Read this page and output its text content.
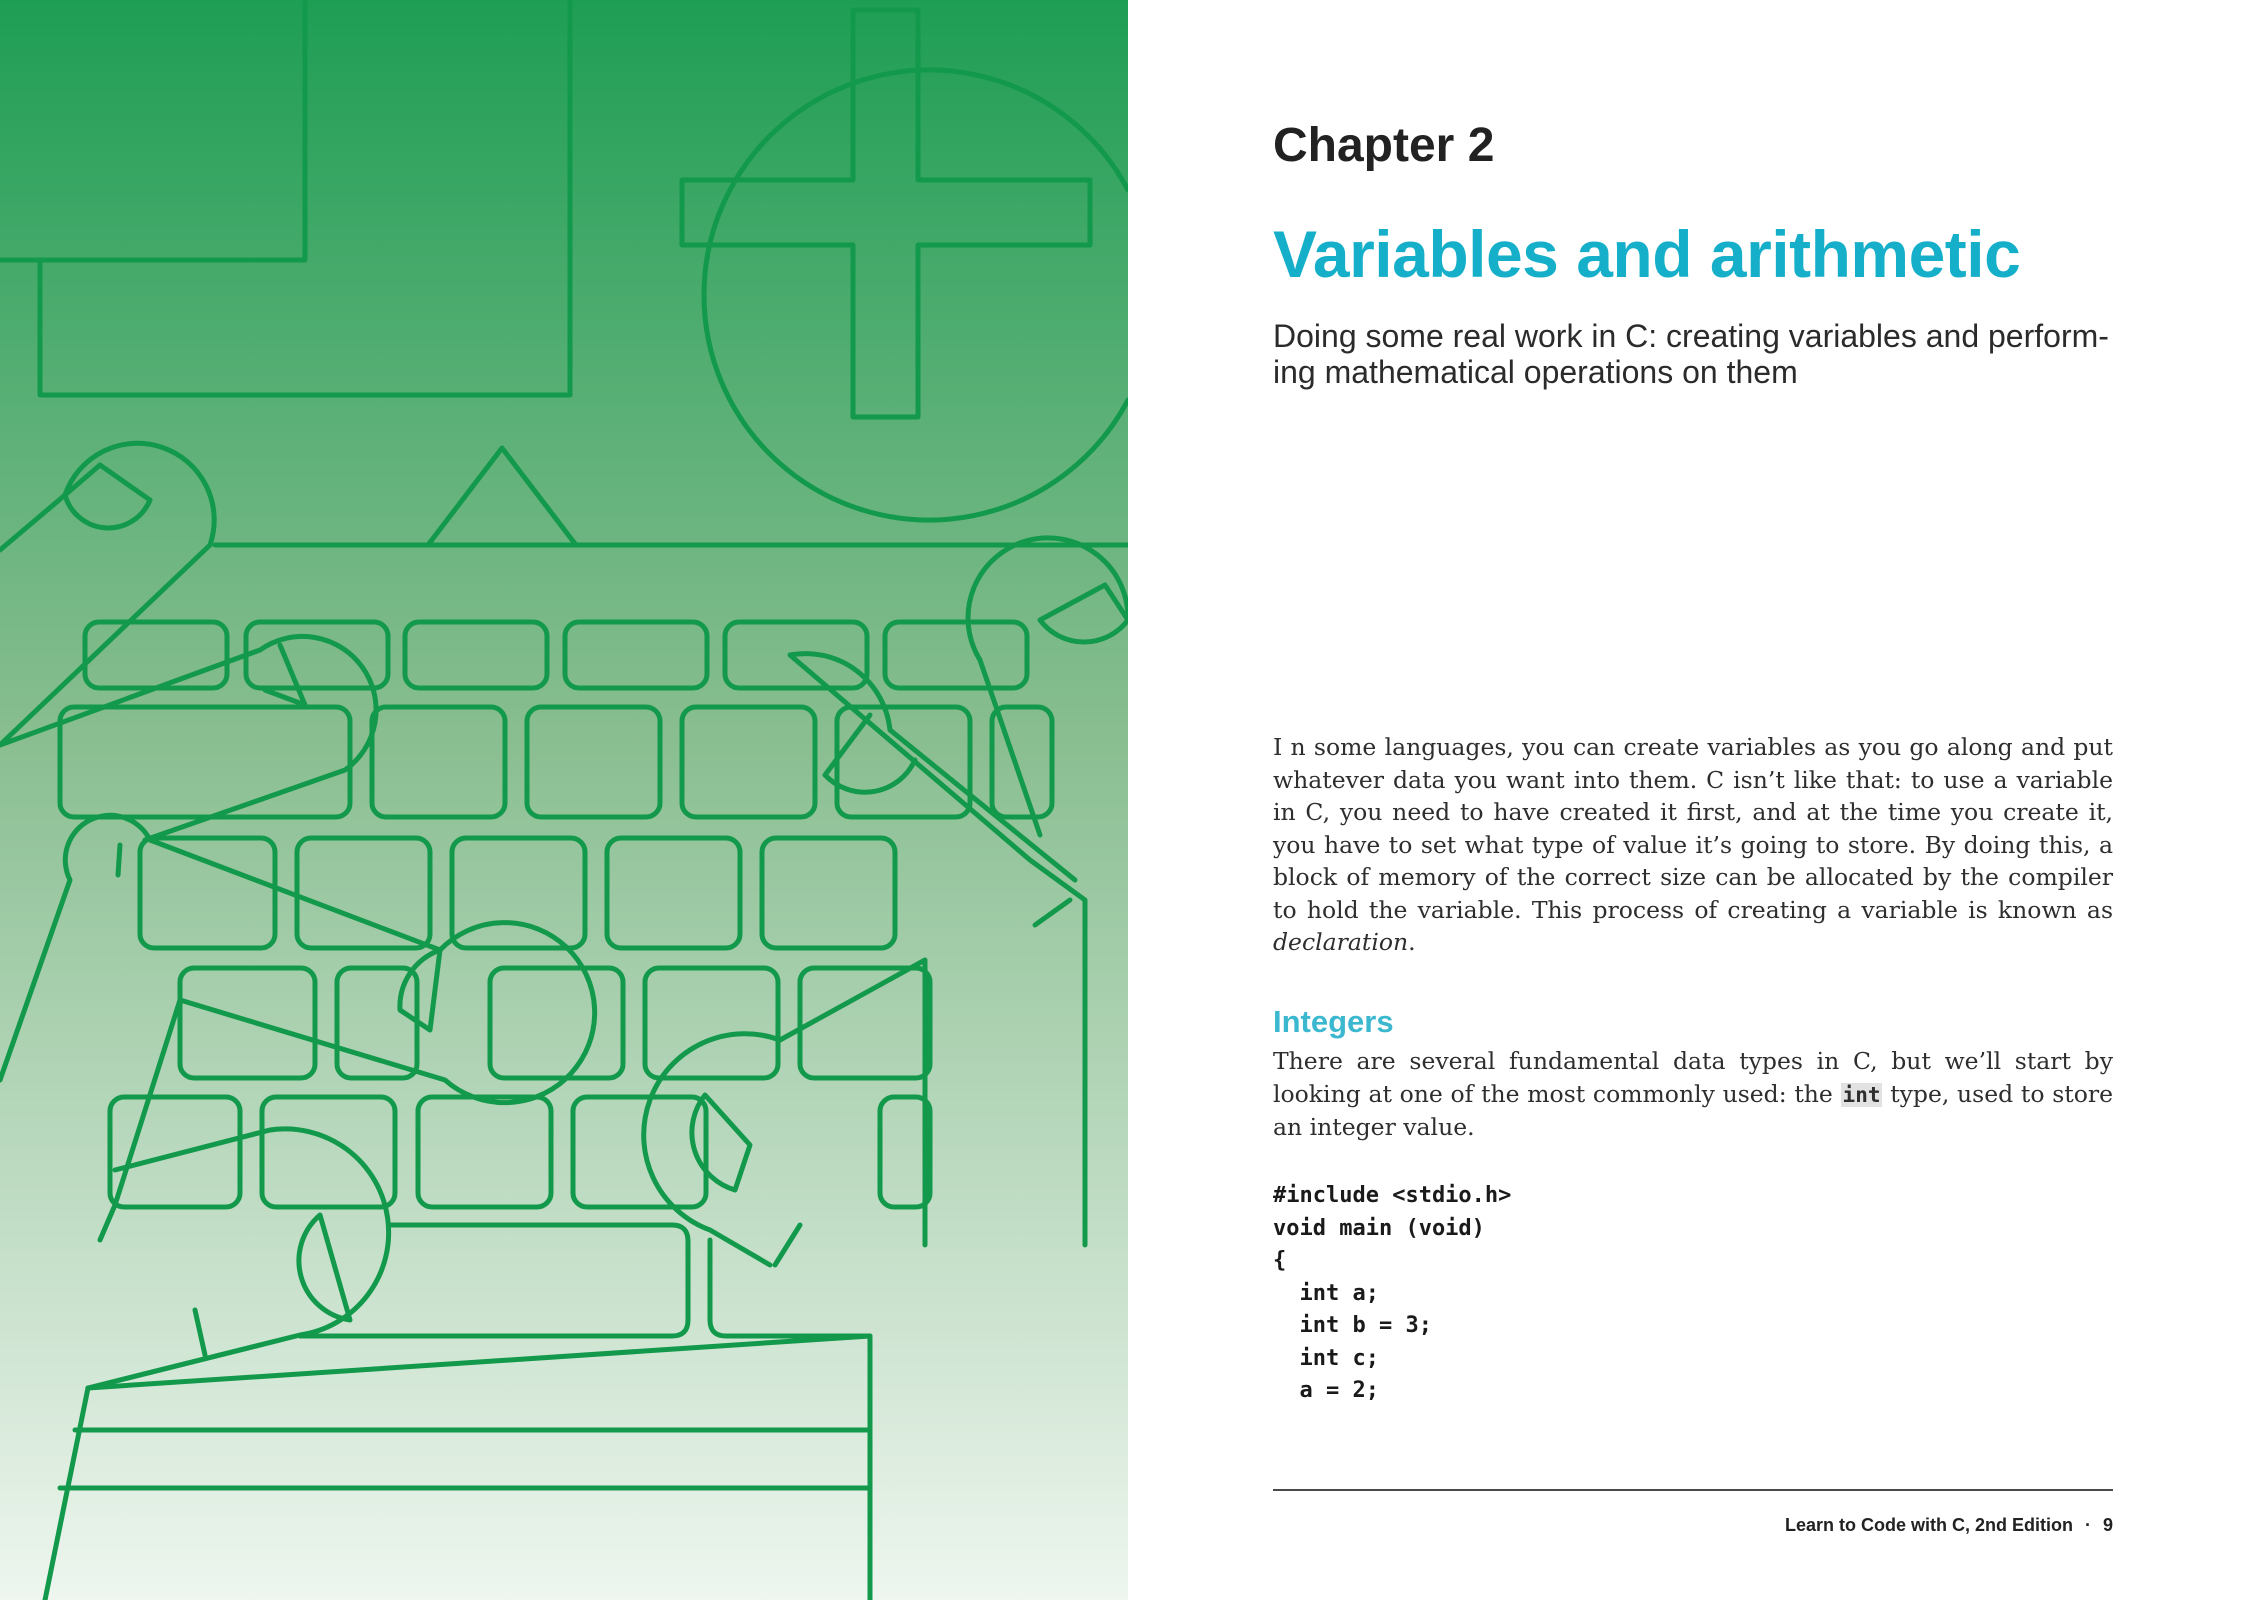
Chapter 2
Variables and arithmetic

Doing some real work in C: creating variables and perform-ing mathematical operations on them

I n some languages, you can create variables as you go along and put whatever data you want into them. C isn’t like that: to use a variable in C, you need to have created it first, and at the time you create it, you have to set what type of value it’s going to store. By doing this, a block of memory of the correct size can be allocated by the compiler to hold the variable. This process of creating a variable is known as declaration.

Integers

There are several fundamental data types in C, but we’ll start by looking at one of the most commonly used: the int type, used to store an integer value.

#include <stdio.h>
void main (void)
{
int a;
int b = 3;
int c;
a = 2;
Learn to Code with C, 2nd Edition · 9
